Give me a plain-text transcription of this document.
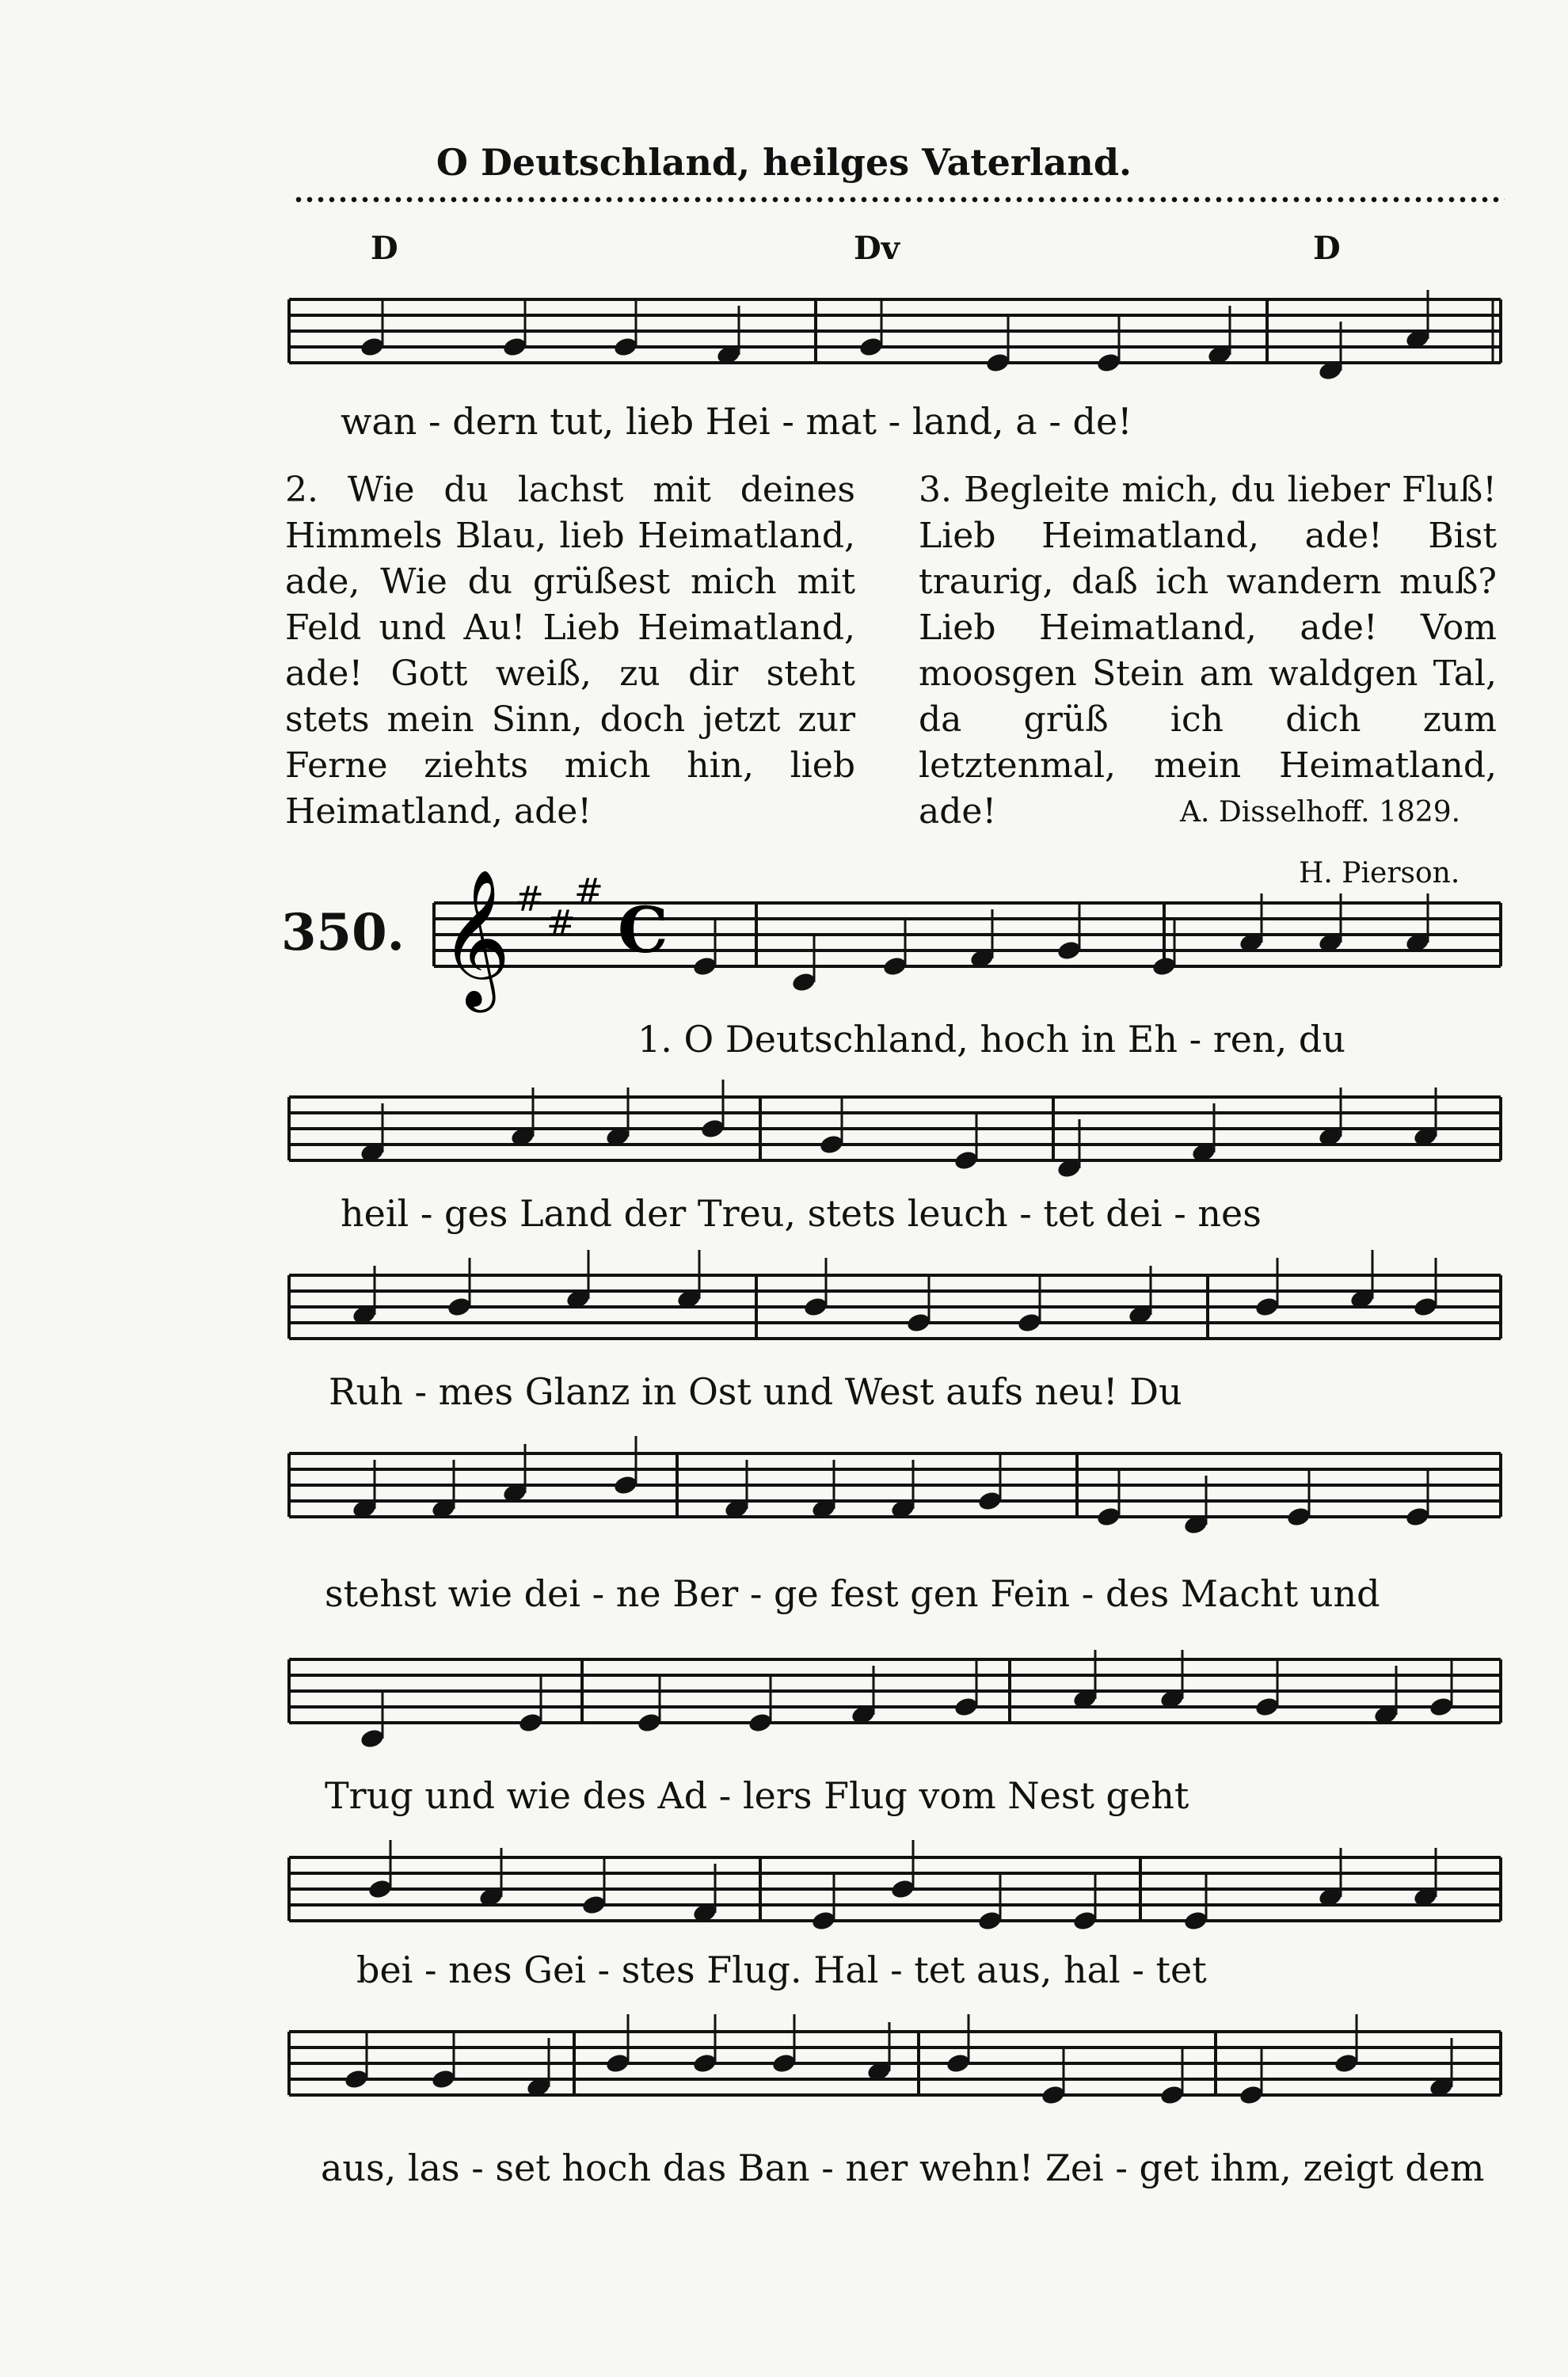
O Deutschland, heilges Vaterland.
D	Dv	D
wan - dern tut, lieb Hei - mat - land, a - de!
2. Wie du lachst mit deines Himmels Blau, lieb Heimatland, ade, Wie du grüßest mich mit Feld und Au! Lieb Heimatland, ade! Gott weiß, zu dir steht stets mein Sinn, doch jetzt zur Ferne ziehts mich hin, lieb Heimatland, ade!
3. Begleite mich, du lieber Fluß! Lieb Heimatland, ade! Bist traurig, daß ich wandern muß? Lieb Heimatland, ade! Vom moosgen Stein am waldgen Tal, da grüß ich dich zum letztenmal, mein Heimatland, ade!	A. Disselhoff. 1829.
350.
H. Pierson.
𝄞 #
#
#
C
1. O Deutschland, hoch in Eh - ren, du
heil - ges Land der Treu, stets leuch - tet dei - nes
Ruh - mes Glanz in Ost und West aufs neu! Du
stehst wie dei - ne Ber - ge fest gen Fein - des Macht und
Trug und wie des Ad - lers Flug vom Nest geht
bei - nes Gei - stes Flug. Hal - tet aus, hal - tet
aus, las - set hoch das Ban - ner wehn! Zei - get ihm, zeigt dem
